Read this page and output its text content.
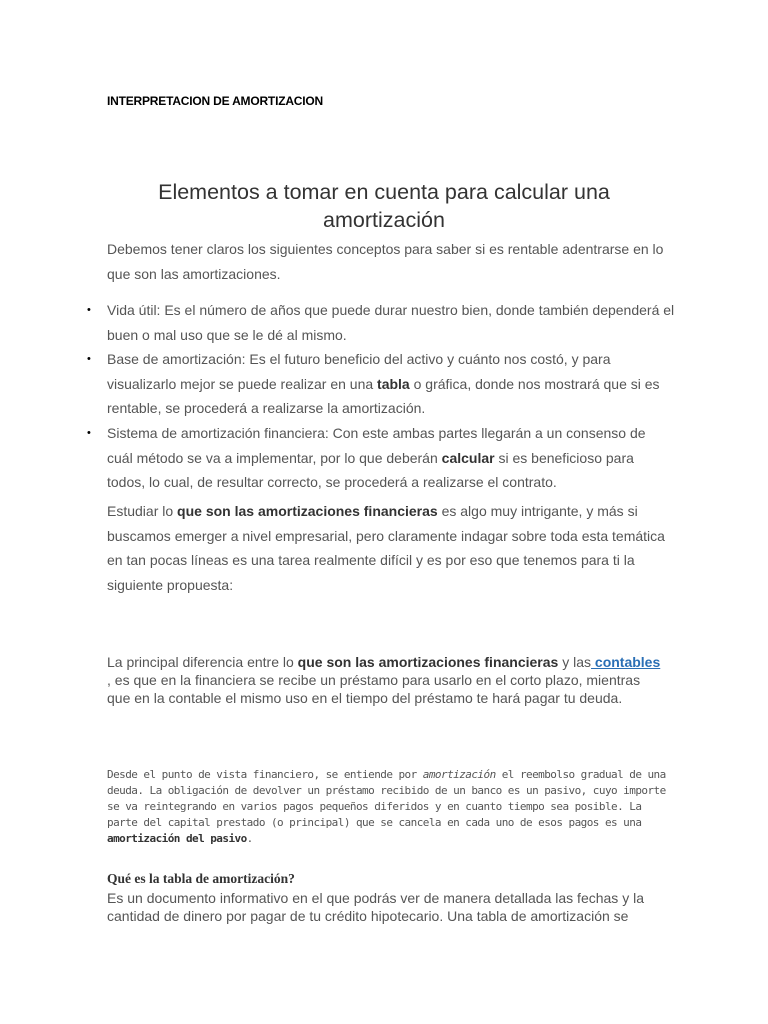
INTERPRETACION DE AMORTIZACION
Elementos a tomar en cuenta para calcular una amortización
Debemos tener claros los siguientes conceptos para saber si es rentable adentrarse en lo que son las amortizaciones.
• Vida útil: Es el número de años que puede durar nuestro bien, donde también dependerá el buen o mal uso que se le dé al mismo.
• Base de amortización: Es el futuro beneficio del activo y cuánto nos costó, y para visualizarlo mejor se puede realizar en una tabla o gráfica, donde nos mostrará que si es rentable, se procederá a realizarse la amortización.
• Sistema de amortización financiera: Con este ambas partes llegarán a un consenso de cuál método se va a implementar, por lo que deberán calcular si es beneficioso para todos, lo cual, de resultar correcto, se procederá a realizarse el contrato.
Estudiar lo que son las amortizaciones financieras es algo muy intrigante, y más si buscamos emerger a nivel empresarial, pero claramente indagar sobre toda esta temática en tan pocas líneas es una tarea realmente difícil y es por eso que tenemos para ti la siguiente propuesta:
La principal diferencia entre lo que son las amortizaciones financieras y las contables , es que en la financiera se recibe un préstamo para usarlo en el corto plazo, mientras que en la contable el mismo uso en el tiempo del préstamo te hará pagar tu deuda.
Desde el punto de vista financiero, se entiende por amortización el reembolso gradual de una deuda. La obligación de devolver un préstamo recibido de un banco es un pasivo, cuyo importe se va reintegrando en varios pagos pequeños diferidos y en cuanto tiempo sea posible. La parte del capital prestado (o principal) que se cancela en cada uno de esos pagos es una amortización del pasivo.
Qué es la tabla de amortización?
Es un documento informativo en el que podrás ver de manera detallada las fechas y la cantidad de dinero por pagar de tu crédito hipotecario. Una tabla de amortización se
